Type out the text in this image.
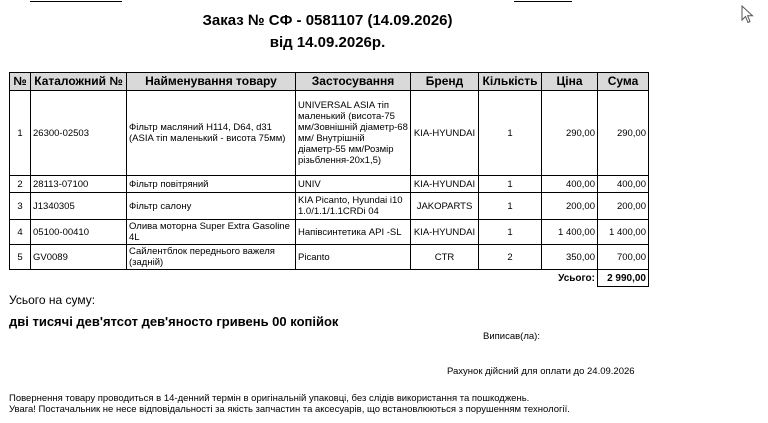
Заказ № СФ - 0581107 (14.09.2026)
від 14.09.2026р.
№	Каталожний №	Найменування товару	Застосування	Бренд	Кількість	Ціна	Сума
1	26300-02503	Фільтр масляний H114, D64, d31 (ASIA тіп маленький - висота 75мм)	UNIVERSAL ASIA тіп маленький (висота-75 мм/Зовнішній діаметр-68 мм/ Внутрішній діаметр-55 мм/Розмір різьблення-20х1,5)	KIA-HYUNDAI	1	290,00	290,00
2	28113-07100	Фільтр повітряний	UNIV	KIA-HYUNDAI	1	400,00	400,00
3	J1340305	Фільтр салону	KIA Picanto, Hyundai i10 1.0/1.1/1.1CRDi 04	JAKOPARTS	1	200,00	200,00
4	05100-00410	Олива моторна Super Extra Gasoline 4L	Напівсинтетика API -SL	KIA-HYUNDAI	1	1 400,00	1 400,00
5	GV0089	Сайлентблок переднього важеля (задній)	Picanto	CTR	2	350,00	700,00
					Усього:		2 990,00
Усього на суму:
дві тисячі дев'ятсот дев'яносто гривень 00 копійок
Виписав(ла):
Рахунок дійсний для оплати до 24.09.2026
Повернення товару проводиться в 14-денний термін в оригінальній упаковці, без слідів використання та пошкоджень.
Увага! Постачальник не несе відповідальності за якість запчастин та аксесуарів, що встановлюються з порушенням технології.
